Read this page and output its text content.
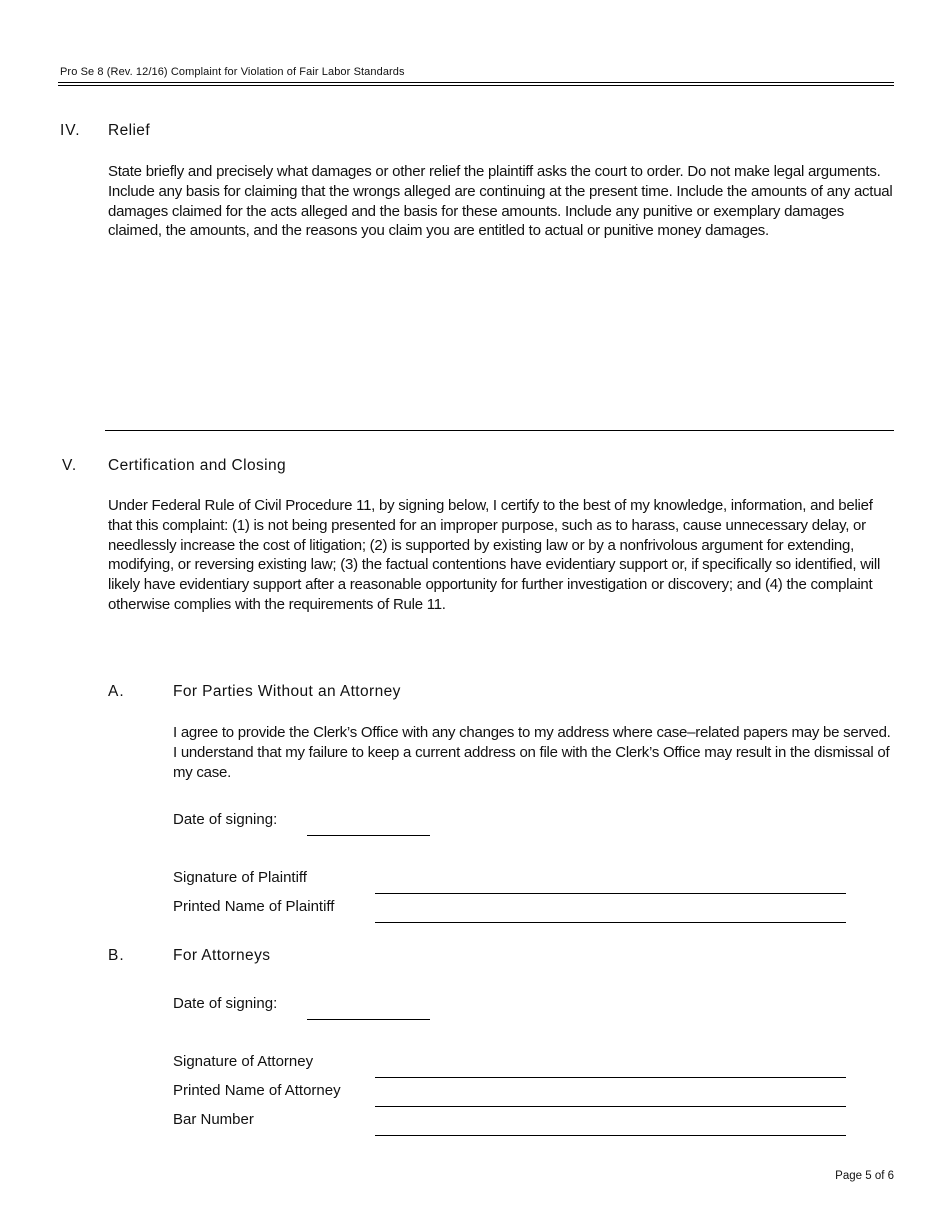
Pro Se 8 (Rev. 12/16) Complaint for Violation of Fair Labor Standards
IV. Relief
State briefly and precisely what damages or other relief the plaintiff asks the court to order. Do not make legal arguments. Include any basis for claiming that the wrongs alleged are continuing at the present time. Include the amounts of any actual damages claimed for the acts alleged and the basis for these amounts. Include any punitive or exemplary damages claimed, the amounts, and the reasons you claim you are entitled to actual or punitive money damages.
V. Certification and Closing
Under Federal Rule of Civil Procedure 11, by signing below, I certify to the best of my knowledge, information, and belief that this complaint: (1) is not being presented for an improper purpose, such as to harass, cause unnecessary delay, or needlessly increase the cost of litigation; (2) is supported by existing law or by a nonfrivolous argument for extending, modifying, or reversing existing law; (3) the factual contentions have evidentiary support or, if specifically so identified, will likely have evidentiary support after a reasonable opportunity for further investigation or discovery; and (4) the complaint otherwise complies with the requirements of Rule 11.
A.	For Parties Without an Attorney
I agree to provide the Clerk’s Office with any changes to my address where case–related papers may be served. I understand that my failure to keep a current address on file with the Clerk’s Office may result in the dismissal of my case.
Date of signing:
Signature of Plaintiff
Printed Name of Plaintiff
B.	For Attorneys
Date of signing:
Signature of Attorney
Printed Name of Attorney
Bar Number
Page 5 of 6
